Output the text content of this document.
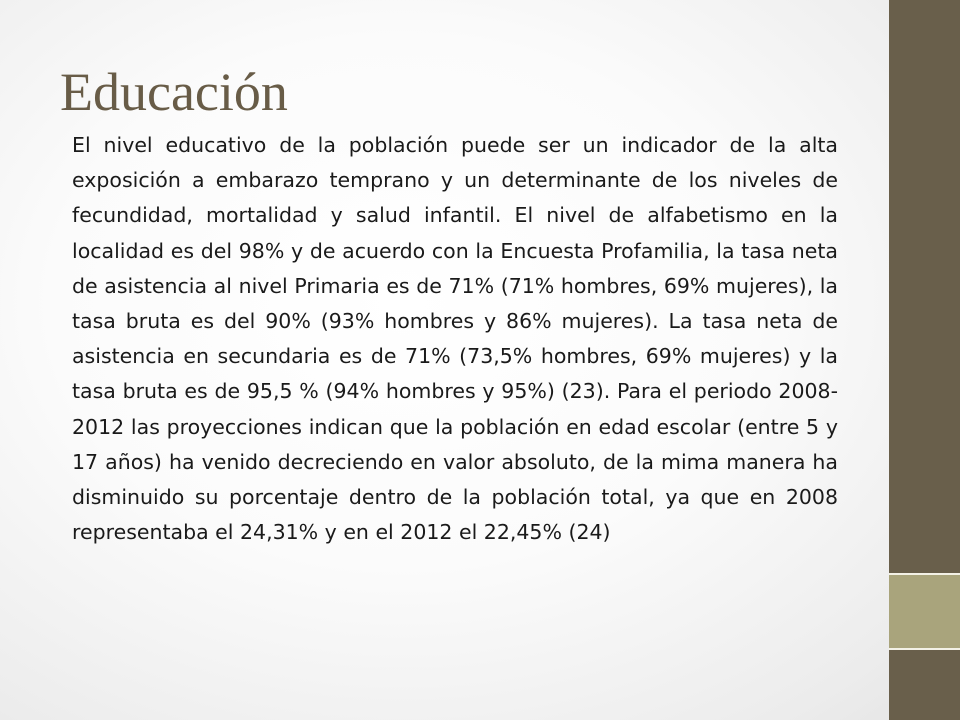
Educación

El nivel educativo de la población puede ser un indicador de la alta exposición a embarazo temprano y un determinante de los niveles de fecundidad, mortalidad y salud infantil. El nivel de alfabetismo en la localidad es del 98% y de acuerdo con la Encuesta Profamilia, la tasa neta de asistencia al nivel Primaria es de 71% (71% hombres, 69% mujeres), la tasa bruta es del 90% (93% hombres y 86% mujeres). La tasa neta de asistencia en secundaria es de 71% (73,5% hombres, 69% mujeres) y la tasa bruta es de 95,5 % (94% hombres y 95%) (23). Para el periodo 2008-2012 las proyecciones indican que la población en edad escolar (entre 5 y 17 años) ha venido decreciendo en valor absoluto, de la mima manera ha disminuido su porcentaje dentro de la población total, ya que en 2008 representaba el 24,31% y en el 2012 el 22,45% (24)
